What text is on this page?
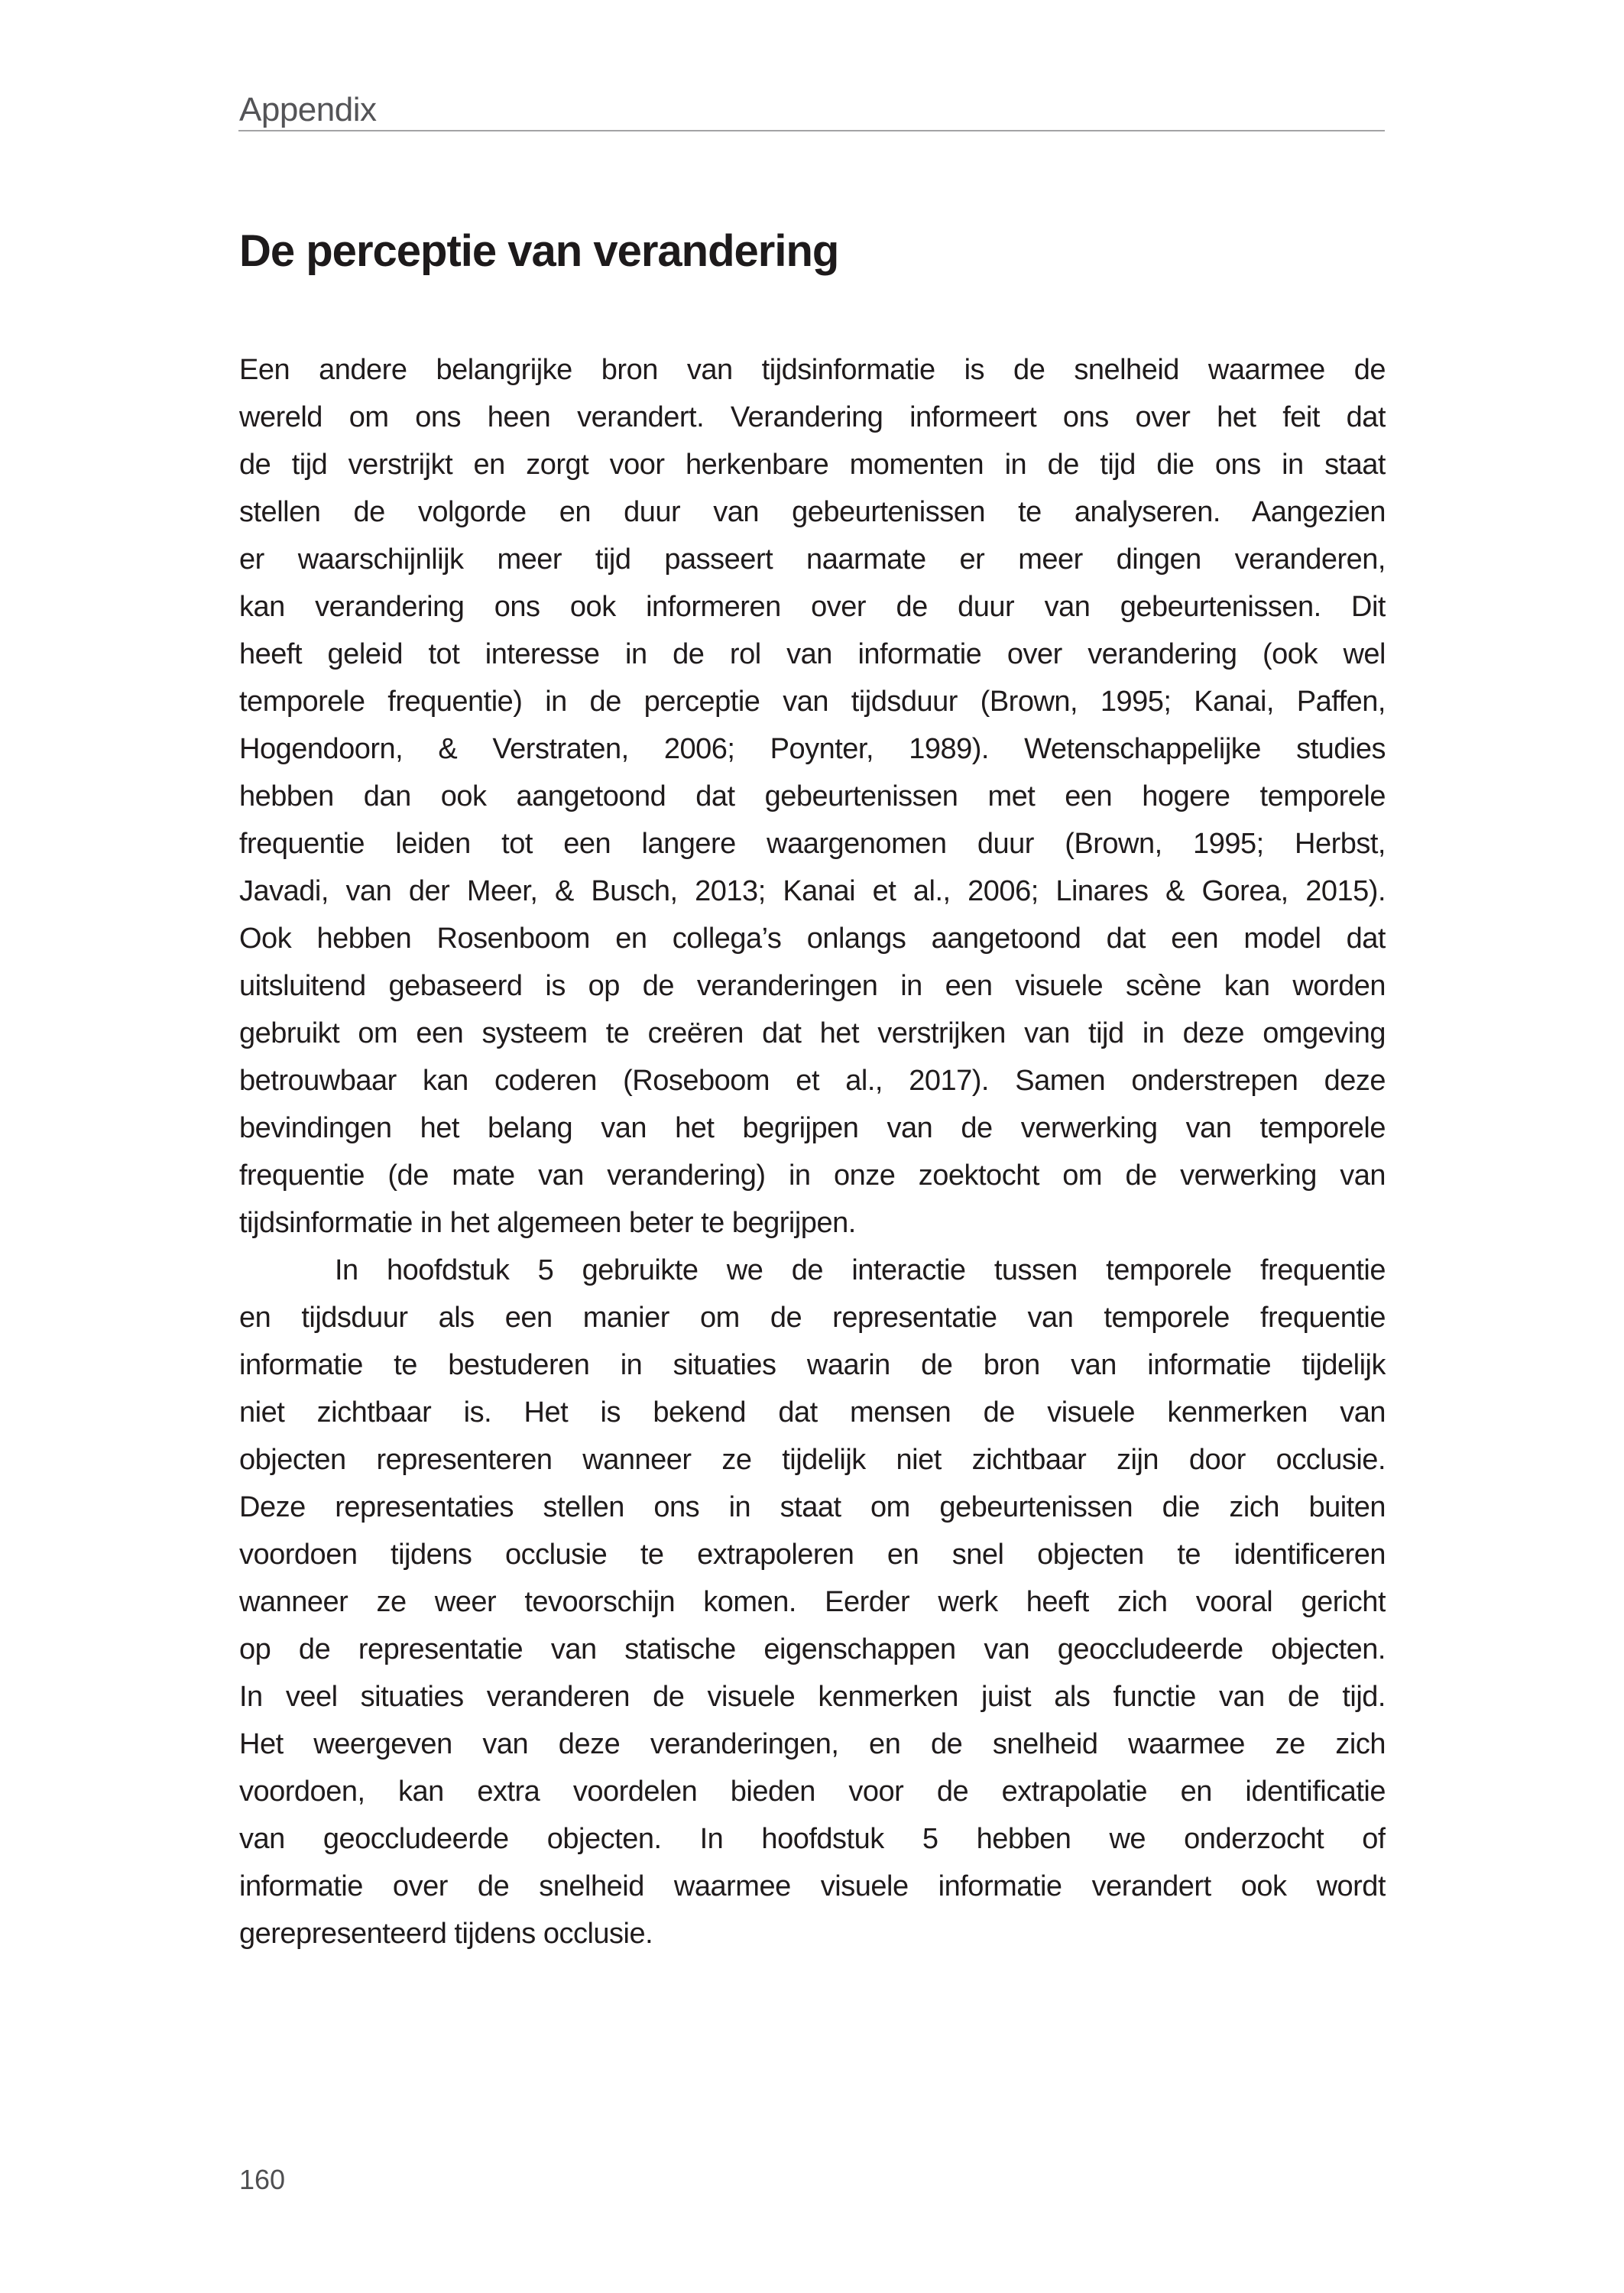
Appendix
De perceptie van verandering
Een andere belangrijke bron van tijdsinformatie is de snelheid waarmee de
wereld om ons heen verandert. Verandering informeert ons over het feit dat
de tijd verstrijkt en zorgt voor herkenbare momenten in de tijd die ons in staat
stellen de volgorde en duur van gebeurtenissen te analyseren. Aangezien
er waarschijnlijk meer tijd passeert naarmate er meer dingen veranderen,
kan verandering ons ook informeren over de duur van gebeurtenissen. Dit
heeft geleid tot interesse in de rol van informatie over verandering (ook wel
temporele frequentie) in de perceptie van tijdsduur (Brown, 1995; Kanai, Paffen,
Hogendoorn, & Verstraten, 2006; Poynter, 1989). Wetenschappelijke studies
hebben dan ook aangetoond dat gebeurtenissen met een hogere temporele
frequentie leiden tot een langere waargenomen duur (Brown, 1995; Herbst,
Javadi, van der Meer, & Busch, 2013; Kanai et al., 2006; Linares & Gorea, 2015).
Ook hebben Rosenboom en collega’s onlangs aangetoond dat een model dat
uitsluitend gebaseerd is op de veranderingen in een visuele scène kan worden
gebruikt om een systeem te creëren dat het verstrijken van tijd in deze omgeving
betrouwbaar kan coderen (Roseboom et al., 2017). Samen onderstrepen deze
bevindingen het belang van het begrijpen van de verwerking van temporele
frequentie (de mate van verandering) in onze zoektocht om de verwerking van
tijdsinformatie in het algemeen beter te begrijpen.
In hoofdstuk 5 gebruikte we de interactie tussen temporele frequentie
en tijdsduur als een manier om de representatie van temporele frequentie
informatie te bestuderen in situaties waarin de bron van informatie tijdelijk
niet zichtbaar is. Het is bekend dat mensen de visuele kenmerken van
objecten representeren wanneer ze tijdelijk niet zichtbaar zijn door occlusie.
Deze representaties stellen ons in staat om gebeurtenissen die zich buiten
voordoen tijdens occlusie te extrapoleren en snel objecten te identificeren
wanneer ze weer tevoorschijn komen. Eerder werk heeft zich vooral gericht
op de representatie van statische eigenschappen van geoccludeerde objecten.
In veel situaties veranderen de visuele kenmerken juist als functie van de tijd.
Het weergeven van deze veranderingen, en de snelheid waarmee ze zich
voordoen, kan extra voordelen bieden voor de extrapolatie en identificatie
van geoccludeerde objecten. In hoofdstuk 5 hebben we onderzocht of
informatie over de snelheid waarmee visuele informatie verandert ook wordt
gerepresenteerd tijdens occlusie.
160
